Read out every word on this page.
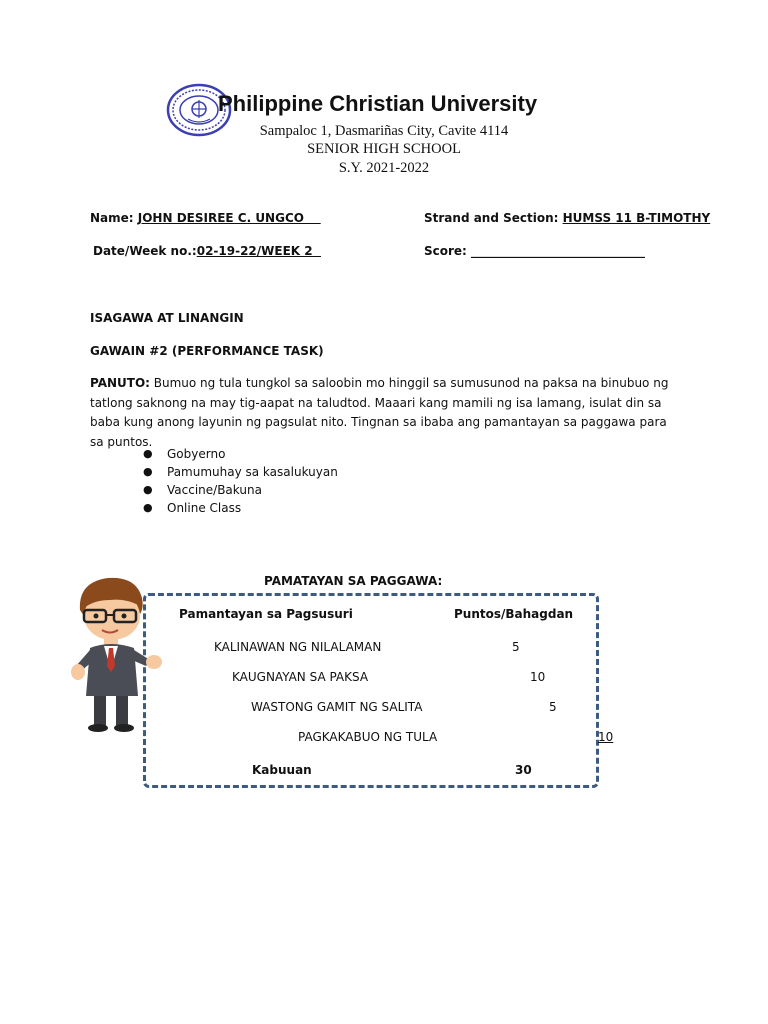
Philippine Christian University
Sampaloc 1, Dasmariñas City, Cavite 4114
SENIOR HIGH SCHOOL
S.Y. 2021-2022
Name: JOHN DESIREE C. UNGCO	Strand and Section: HUMSS 11 B-TIMOTHY
Date/Week no.:02-19-22/WEEK 2	Score: _____________________________
ISAGAWA AT LINANGIN
GAWAIN #2 (PERFORMANCE TASK)
PANUTO: Bumuo ng tula tungkol sa saloobin mo hinggil sa sumusunod na paksa na binubuo ng tatlong saknong na may tig-aapat na taludtod. Maaari kang mamili ng isa lamang, isulat din sa baba kung anong layunin ng pagsulat nito. Tingnan sa ibaba ang pamantayan sa paggawa para sa puntos.
● Gobyerno
● Pamumuhay sa kasalukuyan
● Vaccine/Bakuna
● Online Class
PAMATAYAN SA PAGGAWA:
Pamantayan sa Pagsusuri	Puntos/Bahagdan
KALINAWAN NG NILALAMAN	5
KAUGNAYAN SA PAKSA	10
WASTONG GAMIT NG SALITA	5
PAGKAKABUO NG TULA	10
Kabuuan	30
